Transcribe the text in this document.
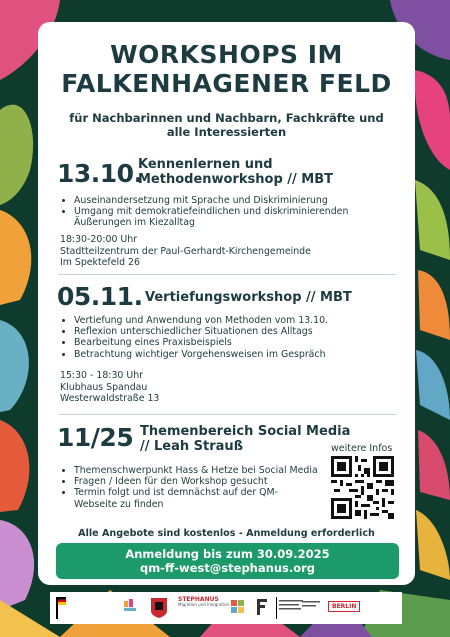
WORKSHOPS IM
FALKENHAGENER FELD
für Nachbarinnen und Nachbarn, Fachkräfte und
alle Interessierten
13.10.
Kennenlernen und
Methodenworkshop // MBT
• Auseinandersetzung mit Sprache und Diskriminierung
• Umgang mit demokratiefeindlichen und diskriminierenden Äußerungen im Kiezalltag
18:30-20:00 Uhr
Stadtteilzentrum der Paul-Gerhardt-Kirchengemeinde
Im Spektefeld 26
05.11. Vertiefungsworkshop // MBT
• Vertiefung und Anwendung von Methoden vom 13.10.
• Reflexion unterschiedlicher Situationen des Alltags
• Bearbeitung eines Praxisbeispiels
• Betrachtung wichtiger Vorgehensweisen im Gespräch
15:30 - 18:30 Uhr
Klubhaus Spandau
Westerwaldstraße 13
11/25 Themenbereich Social Media
// Leah Strauß
• Themenschwerpunkt Hass & Hetze bei Social Media
• Fragen / Ideen für den Workshop gesucht
• Termin folgt und ist demnächst auf der QM-Webseite zu finden
weitere Infos
Alle Angebote sind kostenlos - Anmeldung erforderlich
Anmeldung bis zum 30.09.2025
qm-ff-west@stephanus.org
STEPHANUS
Migration und Integration	BERLIN
